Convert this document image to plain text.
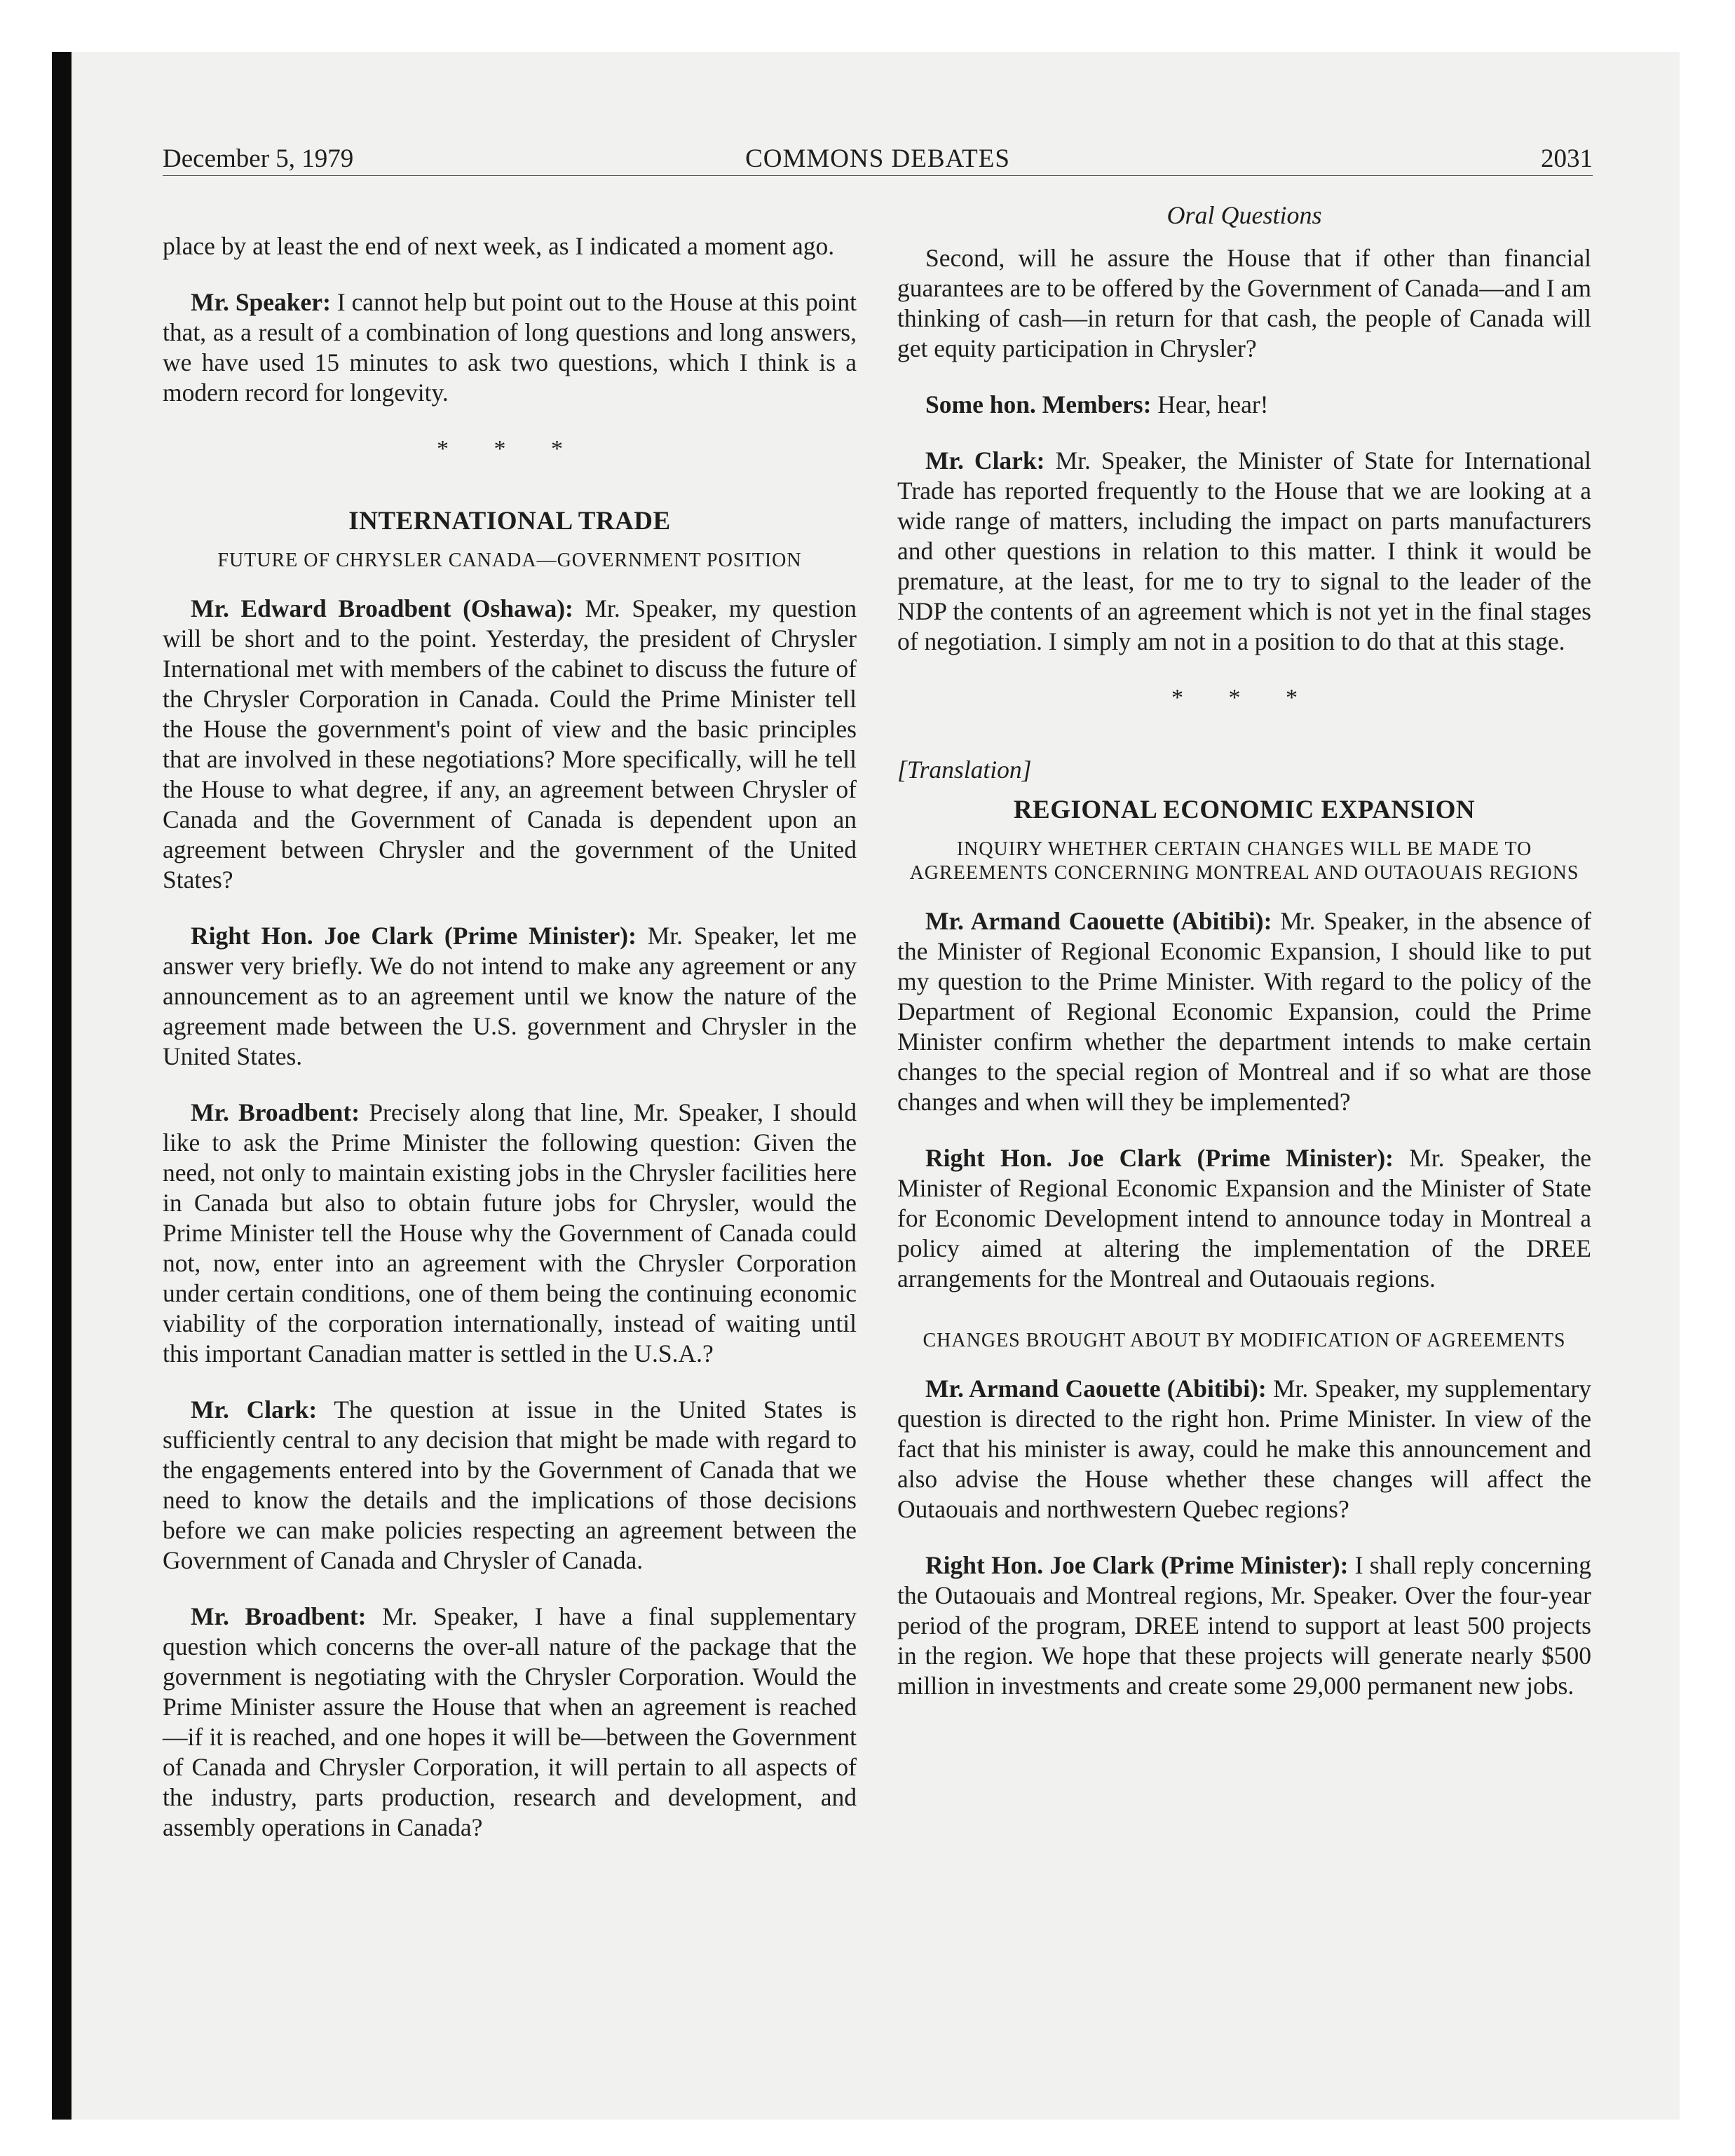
December 5, 1979	COMMONS DEBATES	2031

place by at least the end of next week, as I indicated a moment ago.

Mr. Speaker: I cannot help but point out to the House at this point that, as a result of a combination of long questions and long answers, we have used 15 minutes to ask two questions, which I think is a modern record for longevity.

* * *
INTERNATIONAL TRADE
FUTURE OF CHRYSLER CANADA—GOVERNMENT POSITION

Mr. Edward Broadbent (Oshawa): Mr. Speaker, my question will be short and to the point. Yesterday, the president of Chrysler International met with members of the cabinet to discuss the future of the Chrysler Corporation in Canada. Could the Prime Minister tell the House the government's point of view and the basic principles that are involved in these negotiations? More specifically, will he tell the House to what degree, if any, an agreement between Chrysler of Canada and the Government of Canada is dependent upon an agreement between Chrysler and the government of the United States?

Right Hon. Joe Clark (Prime Minister): Mr. Speaker, let me answer very briefly. We do not intend to make any agreement or any announcement as to an agreement until we know the nature of the agreement made between the U.S. government and Chrysler in the United States.

Mr. Broadbent: Precisely along that line, Mr. Speaker, I should like to ask the Prime Minister the following question: Given the need, not only to maintain existing jobs in the Chrysler facilities here in Canada but also to obtain future jobs for Chrysler, would the Prime Minister tell the House why the Government of Canada could not, now, enter into an agreement with the Chrysler Corporation under certain conditions, one of them being the continuing economic viability of the corporation internationally, instead of waiting until this important Canadian matter is settled in the U.S.A.?

Mr. Clark: The question at issue in the United States is sufficiently central to any decision that might be made with regard to the engagements entered into by the Government of Canada that we need to know the details and the implications of those decisions before we can make policies respecting an agreement between the Government of Canada and Chrysler of Canada.

Mr. Broadbent: Mr. Speaker, I have a final supplementary question which concerns the over-all nature of the package that the government is negotiating with the Chrysler Corporation. Would the Prime Minister assure the House that when an agreement is reached—if it is reached, and one hopes it will be—between the Government of Canada and Chrysler Corporation, it will pertain to all aspects of the industry, parts production, research and development, and assembly operations in Canada?

Oral Questions

Second, will he assure the House that if other than financial guarantees are to be offered by the Government of Canada—and I am thinking of cash—in return for that cash, the people of Canada will get equity participation in Chrysler?

Some hon. Members: Hear, hear!

Mr. Clark: Mr. Speaker, the Minister of State for International Trade has reported frequently to the House that we are looking at a wide range of matters, including the impact on parts manufacturers and other questions in relation to this matter. I think it would be premature, at the least, for me to try to signal to the leader of the NDP the contents of an agreement which is not yet in the final stages of negotiation. I simply am not in a position to do that at this stage.

* * *
[Translation]
REGIONAL ECONOMIC EXPANSION
INQUIRY WHETHER CERTAIN CHANGES WILL BE MADE TO AGREEMENTS CONCERNING MONTREAL AND OUTAOUAIS REGIONS

Mr. Armand Caouette (Abitibi): Mr. Speaker, in the absence of the Minister of Regional Economic Expansion, I should like to put my question to the Prime Minister. With regard to the policy of the Department of Regional Economic Expansion, could the Prime Minister confirm whether the department intends to make certain changes to the special region of Montreal and if so what are those changes and when will they be implemented?

Right Hon. Joe Clark (Prime Minister): Mr. Speaker, the Minister of Regional Economic Expansion and the Minister of State for Economic Development intend to announce today in Montreal a policy aimed at altering the implementation of the DREE arrangements for the Montreal and Outaouais regions.

CHANGES BROUGHT ABOUT BY MODIFICATION OF AGREEMENTS

Mr. Armand Caouette (Abitibi): Mr. Speaker, my supplementary question is directed to the right hon. Prime Minister. In view of the fact that his minister is away, could he make this announcement and also advise the House whether these changes will affect the Outaouais and northwestern Quebec regions?

Right Hon. Joe Clark (Prime Minister): I shall reply concerning the Outaouais and Montreal regions, Mr. Speaker. Over the four-year period of the program, DREE intend to support at least 500 projects in the region. We hope that these projects will generate nearly $500 million in investments and create some 29,000 permanent new jobs.
